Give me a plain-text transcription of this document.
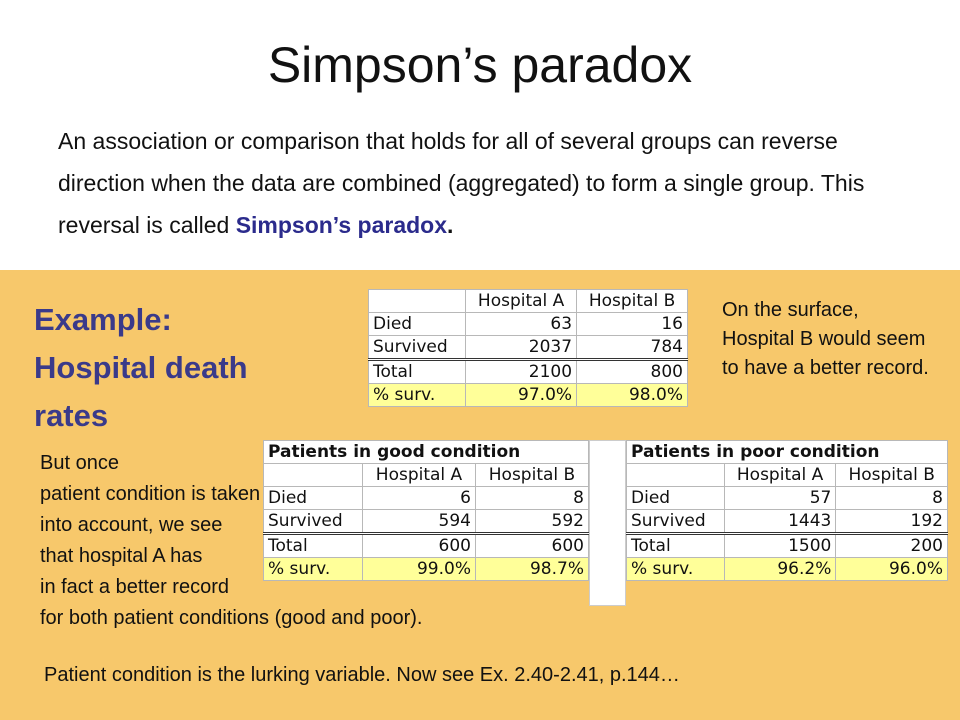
Simpson’s paradox
An association or comparison that holds for all of several groups can reverse direction when the data are combined (aggregated) to form a single group. This reversal is called Simpson’s paradox.
Example:
Hospital death
rates
	Hospital A	Hospital B
Died	63	16
Survived	2037	784
Total	2100	800
% surv.	97.0%	98.0%
On the surface, Hospital B would seem to have a better record.
Patients in good condition		
	Hospital A	Hospital B
Died	6	8
Survived	594	592
Total	600	600
% surv.	99.0%	98.7%
Patients in poor condition		
	Hospital A	Hospital B
Died	57	8
Survived	1443	192
Total	1500	200
% surv.	96.2%	96.0%
But once
patient condition is taken
into account, we see
that hospital A has
in fact a better record
for both patient conditions (good and poor).
Patient condition is the lurking variable. Now see Ex. 2.40-2.41, p.144…
